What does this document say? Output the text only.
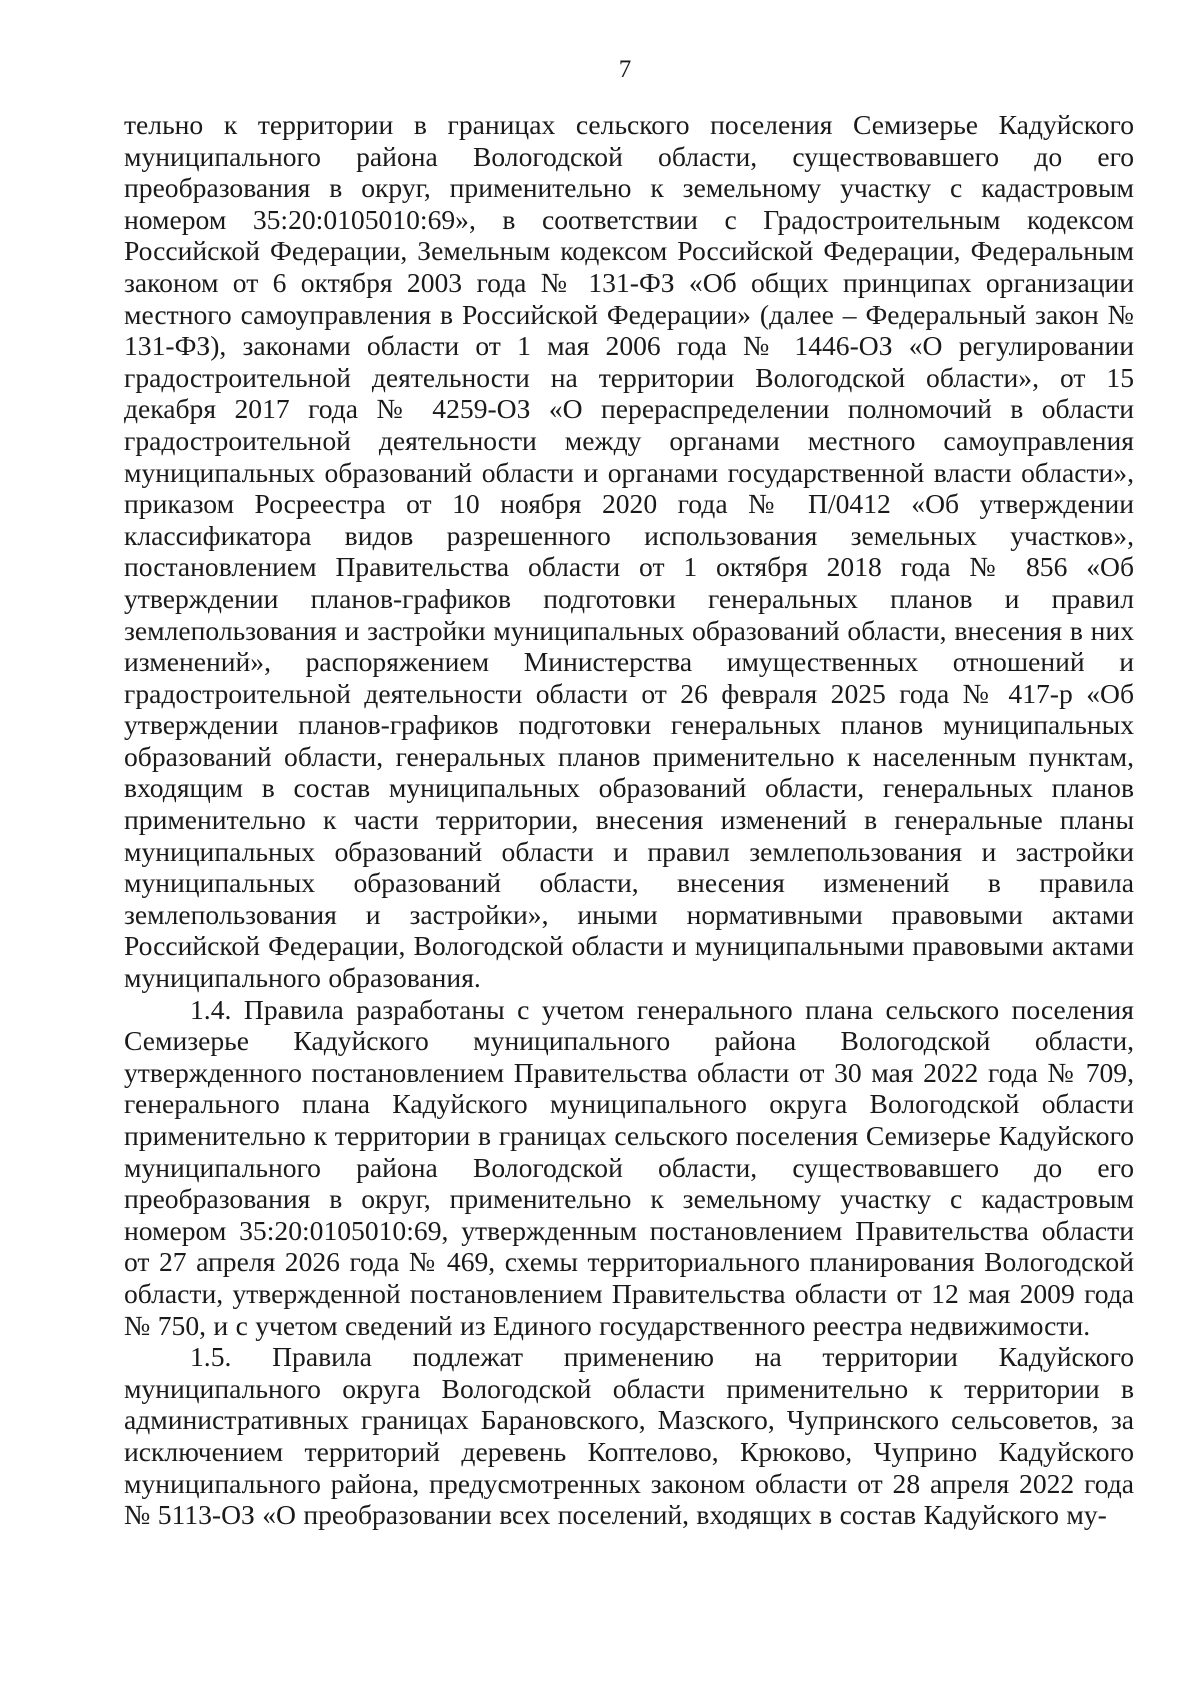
7

тельно к территории в границах сельского поселения Семизерье Кадуйского муниципального района Вологодской области, существовавшего до его преобразования в округ, применительно к земельному участку с кадастровым номером 35:20:0105010:69», в соответствии с Градостроительным кодексом Российской Федерации, Земельным кодексом Российской Федерации, Федеральным законом от 6 октября 2003 года № 131-ФЗ «Об общих принципах организации местного самоуправления в Российской Федерации» (далее – Федеральный закон № 131-ФЗ), законами области от 1 мая 2006 года № 1446-ОЗ «О регулировании градостроительной деятельности на территории Вологодской области», от 15 декабря 2017 года № 4259-ОЗ «О перераспределении полномочий в области градостроительной деятельности между органами местного самоуправления муниципальных образований области и органами государственной власти области», приказом Росреестра от 10 ноября 2020 года № П/0412 «Об утверждении классификатора видов разрешенного использования земельных участков», постановлением Правительства области от 1 октября 2018 года № 856 «Об утверждении планов-графиков подготовки генеральных планов и правил землепользования и застройки муниципальных образований области, внесения в них изменений», распоряжением Министерства имущественных отношений и градостроительной деятельности области от 26 февраля 2025 года № 417-р «Об утверждении планов-графиков подготовки генеральных планов муниципальных образований области, генеральных планов применительно к населенным пунктам, входящим в состав муниципальных образований области, генеральных планов применительно к части территории, внесения изменений в генеральные планы муниципальных образований области и правил землепользования и застройки муниципальных образований области, внесения изменений в правила землепользования и застройки», иными нормативными правовыми актами Российской Федерации, Вологодской области и муниципальными правовыми актами муниципального образования.

1.4. Правила разработаны с учетом генерального плана сельского поселения Семизерье Кадуйского муниципального района Вологодской области, утвержденного постановлением Правительства области от 30 мая 2022 года № 709, генерального плана Кадуйского муниципального округа Вологодской области применительно к территории в границах сельского поселения Семизерье Кадуйского муниципального района Вологодской области, существовавшего до его преобразования в округ, применительно к земельному участку с кадастровым номером 35:20:0105010:69, утвержденным постановлением Правительства области от 27 апреля 2026 года № 469, схемы территориального планирования Вологодской области, утвержденной постановлением Правительства области от 12 мая 2009 года № 750, и с учетом сведений из Единого государственного реестра недвижимости.

1.5. Правила подлежат применению на территории Кадуйского муниципального округа Вологодской области применительно к территории в административных границах Барановского, Мазского, Чупринского сельсоветов, за исключением территорий деревень Коптелово, Крюково, Чуприно Кадуйского муниципального района, предусмотренных законом области от 28 апреля 2022 года № 5113-ОЗ «О преобразовании всех поселений, входящих в состав Кадуйского му-
